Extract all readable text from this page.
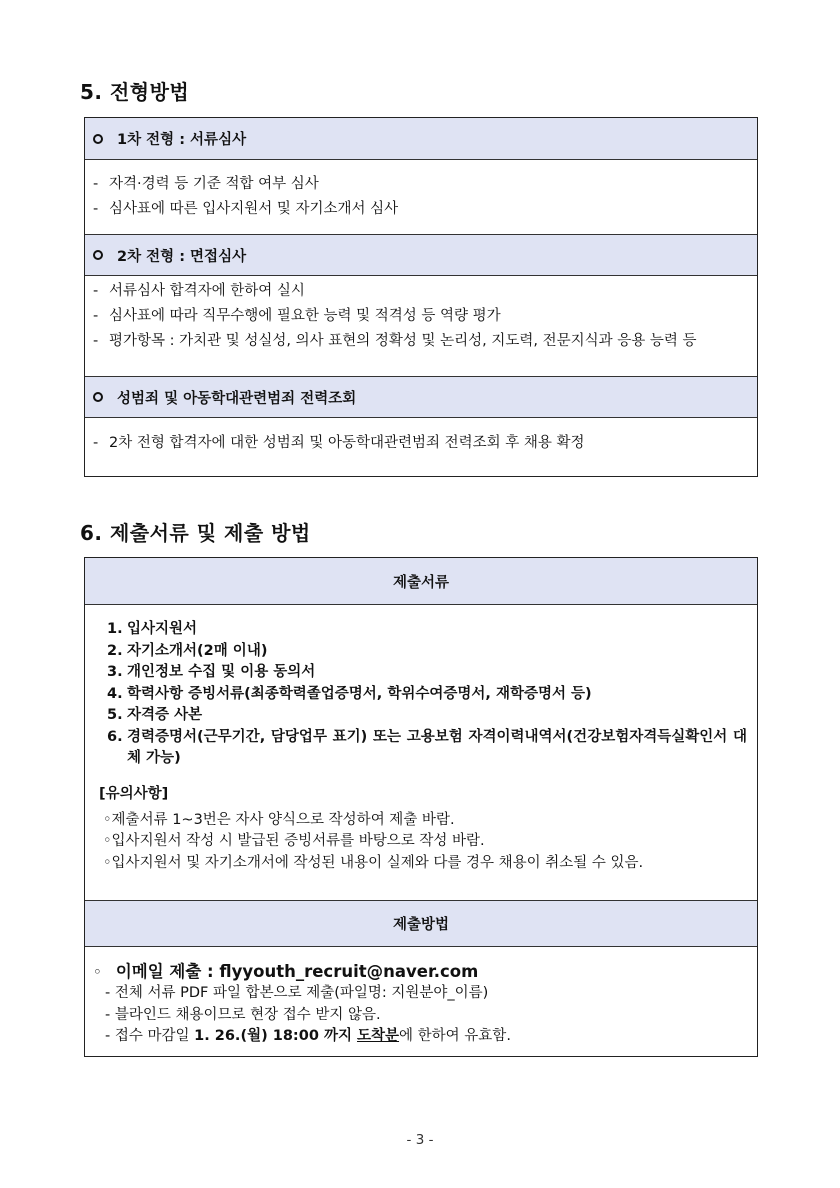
5. 전형방법
1차 전형 : 서류심사
- 자격·경력 등 기준 적합 여부 심사
- 심사표에 따른 입사지원서 및 자기소개서 심사
2차 전형 : 면접심사
- 서류심사 합격자에 한하여 실시
- 심사표에 따라 직무수행에 필요한 능력 및 적격성 등 역량 평가
- 평가항목 : 가치관 및 성실성, 의사 표현의 정확성 및 논리성, 지도력, 전문지식과 응용 능력 등
성범죄 및 아동학대관련범죄 전력조회
- 2차 전형 합격자에 대한 성범죄 및 아동학대관련범죄 전력조회 후 채용 확정
6. 제출서류 및 제출 방법
제출서류
1. 입사지원서
2. 자기소개서(2매 이내)
3. 개인정보 수집 및 이용 동의서
4. 학력사항 증빙서류(최종학력졸업증명서, 학위수여증명서, 재학증명서 등)
5. 자격증 사본
6. 경력증명서(근무기간, 담당업무 표기) 또는 고용보험 자격이력내역서(건강보험자격득실확인서 대체 가능)
[유의사항]
◦제출서류 1~3번은 자사 양식으로 작성하여 제출 바람.
◦입사지원서 작성 시 발급된 증빙서류를 바탕으로 작성 바람.
◦입사지원서 및 자기소개서에 작성된 내용이 실제와 다를 경우 채용이 취소될 수 있음.
제출방법
◦ 이메일 제출 : flyyouth_recruit@naver.com
- 전체 서류 PDF 파일 합본으로 제출(파일명: 지원분야_이름)
- 블라인드 채용이므로 현장 접수 받지 않음.
- 접수 마감일 1. 26.(월) 18:00 까지 도착분에 한하여 유효함.
- 3 -
